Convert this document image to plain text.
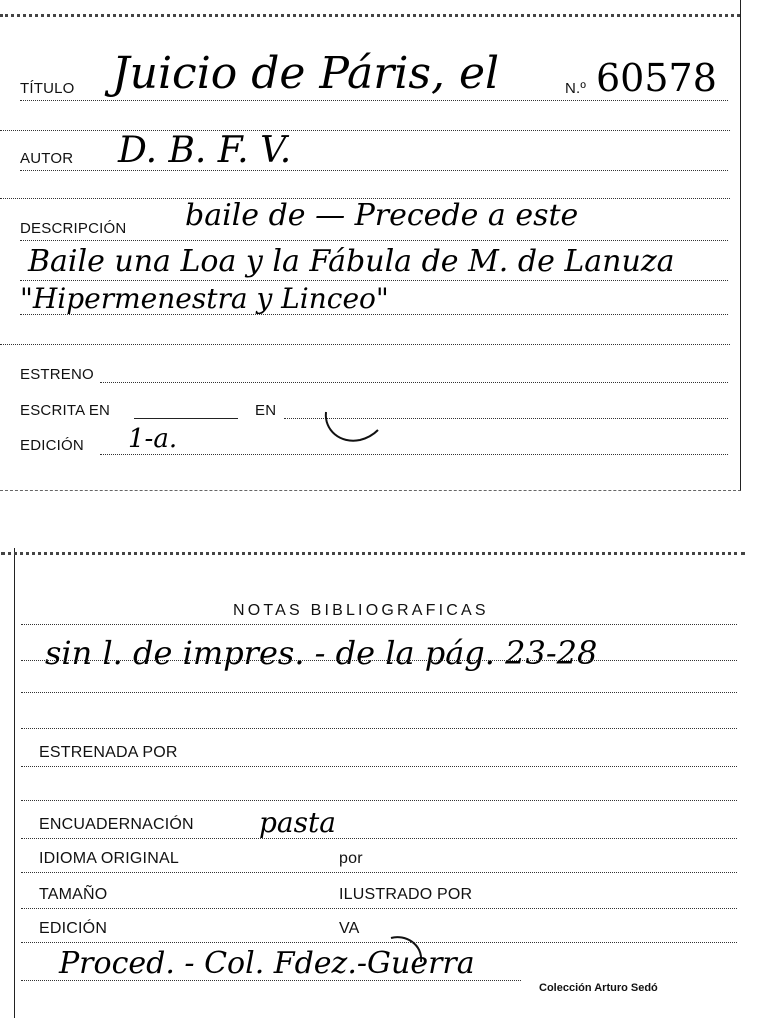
TÍTULO Juicio de Páris, el	N.º 60578
AUTOR D. B. F. V.
DESCRIPCIÓN baile de — Precede a este
Baile una Loa y la Fábula de M. de Lanuza
"Hipermenestra y Linceo"
ESTRENO
ESCRITA EN	EN
EDICIÓN 1-a.
NOTAS BIBLIOGRAFICAS
sin l. de impres. - de la pág. 23-28
ESTRENADA POR
ENCUADERNACIÓN pasta
IDIOMA ORIGINAL	por
TAMAÑO	ILUSTRADO POR
EDICIÓN	VA
Proced. - Col. Fdez.-Guerra
Colección Arturo Sedó
